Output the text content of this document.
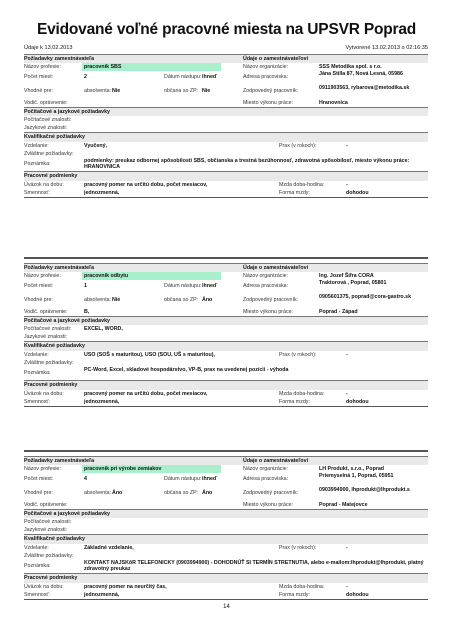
Evidované voľné pracovné miesta na UPSVR Poprad
Údaje k 13.02.2013	Vytvorené 13.02.2013 o 02:16:35
Požiadavky zamestnávateľa	Údaje o zamestnávateľovi
Názov profesie:	pracovník SBS	Názov organizácie:	SSS Metodika spol. s r.o.
Počet miest:	2	Dátum nástupu: ihneď	Adresa pracoviska:	Jána Stilla 87, Nová Lesná, 05986
Vhodné pre:	absolventa: Nie	občana so ZP: Nie	Zodpovedný pracovník:	0911903563, rybarova@metodika.sk
Vodič. oprávnenie:	Miesto výkonu práce:	Hranovnica
Počítačové a jazykové požiadavky
Počítačové znalosti:
Jazykové znalosti:
Kvalifikačné požiadavky
Vzdelanie:	Vyučený,	Prax (v rokoch):	-
Zvláštne požiadavky:
Poznámka:	podmienky: preukaz odbornej spôsobilosti SBS, občianska a trestná bezúhonnosť, zdravotná spôsobilosť, miesto výkonu práce: HRANOVNICA
Pracovné podmienky
Úväzok na dobu:	pracovný pomer na určitú dobu, počet mesiacov,	Mzda doba-hodina:	-
Smennosť:	jednozmenná,	Forma mzdy:	dohodou
Požiadavky zamestnávateľa	Údaje o zamestnávateľovi
Názov profesie:	pracovník odbytu	Názov organizácie:	Ing. Jozef Šifra CORA
Počet miest:	1	Dátum nástupu: ihneď	Adresa pracoviska:	Traktorová , Poprad, 05801
Vhodné pre:	absolventa: Nie	občana so ZP: Áno	Zodpovedný pracovník:	0905601375, poprad@cora-gastro.sk
Vodič. oprávnenie:	B,	Miesto výkonu práce:	Poprad - Západ
Počítačové a jazykové požiadavky
Počítačové znalosti: EXCEL, WORD,
Jazykové znalosti:
Kvalifikačné požiadavky
Vzdelanie:	USO (SOŠ s maturitou), USO (SOU, UŠ s maturitou),	Prax (v rokoch):	-
Zvláštne požiadavky:
Poznámka:	PC-Word, Excel, skladové hospodárstvo, VP-B, prax na uvedenej pozícii - výhoda
Pracovné podmienky
Úväzok na dobu:	pracovný pomer na určitú dobu, počet mesiacov,	Mzda doba-hodina:	-
Smennosť:	jednozmenná,	Forma mzdy:	dohodou
Požiadavky zamestnávateľa	Údaje o zamestnávateľovi
Názov profesie:	pracovník pri výrobe zemiakov	Názov organizácie:	LH Produkt, s.r.o., Poprad
Počet miest:	4	Dátum nástupu: ihneď	Adresa pracoviska:	Priemyselná 1, Poprad, 05951
Vhodné pre:	absolventa: Áno	občana so ZP: Áno	Zodpovedný pracovník:	0903994900, lhprodukt@lhprodukt.s
Vodič. oprávnenie:	Miesto výkonu práce:	Poprad - Matejovce
Počítačové a jazykové požiadavky
Počítačové znalosti:
Jazykové znalosti:
Kvalifikačné požiadavky
Vzdelanie:	Základné vzdelanie,	Prax (v rokoch):	-
Zvláštne požiadavky:
Poznámka:	KONTAKT NAJSKôR TELEFONICKY (0903994900) - DOHODNÚŤ SI TERMÍN STRETNUTIA, alebo e-mailom:lhprodukt@lhprodukt, platný zdravotný preukaz
Pracovné podmienky
Úväzok na dobu:	pracovný pomer na neurčitý čas,	Mzda doba-hodina:	-
Smennosť:	jednozmenná,	Forma mzdy:	dohodou
14
